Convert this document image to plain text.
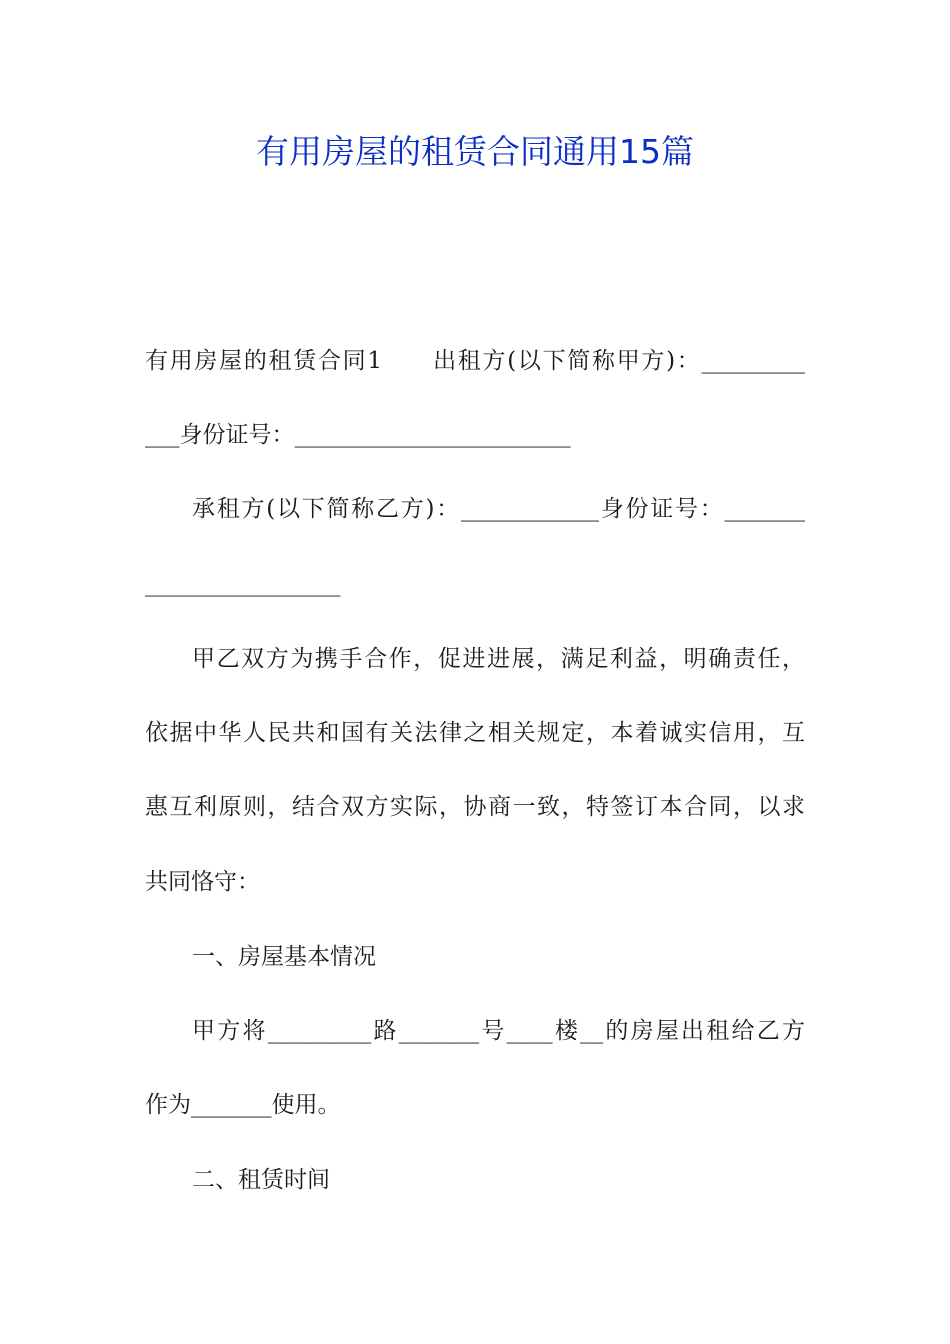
有用房屋的租赁合同通用15篇
有用房屋的租赁合同1　　出租方(以下简称甲方)：_________
___身份证号：________________________
承租方(以下简称乙方)：____________身份证号：_______
_________________
甲乙双方为携手合作，促进进展，满足利益，明确责任，
依据中华人民共和国有关法律之相关规定，本着诚实信用，互
惠互利原则，结合双方实际，协商一致，特签订本合同，以求
共同恪守：
一、房屋基本情况
甲方将_________路_______号____楼__的房屋出租给乙方
作为_______使用。
二、租赁时间
